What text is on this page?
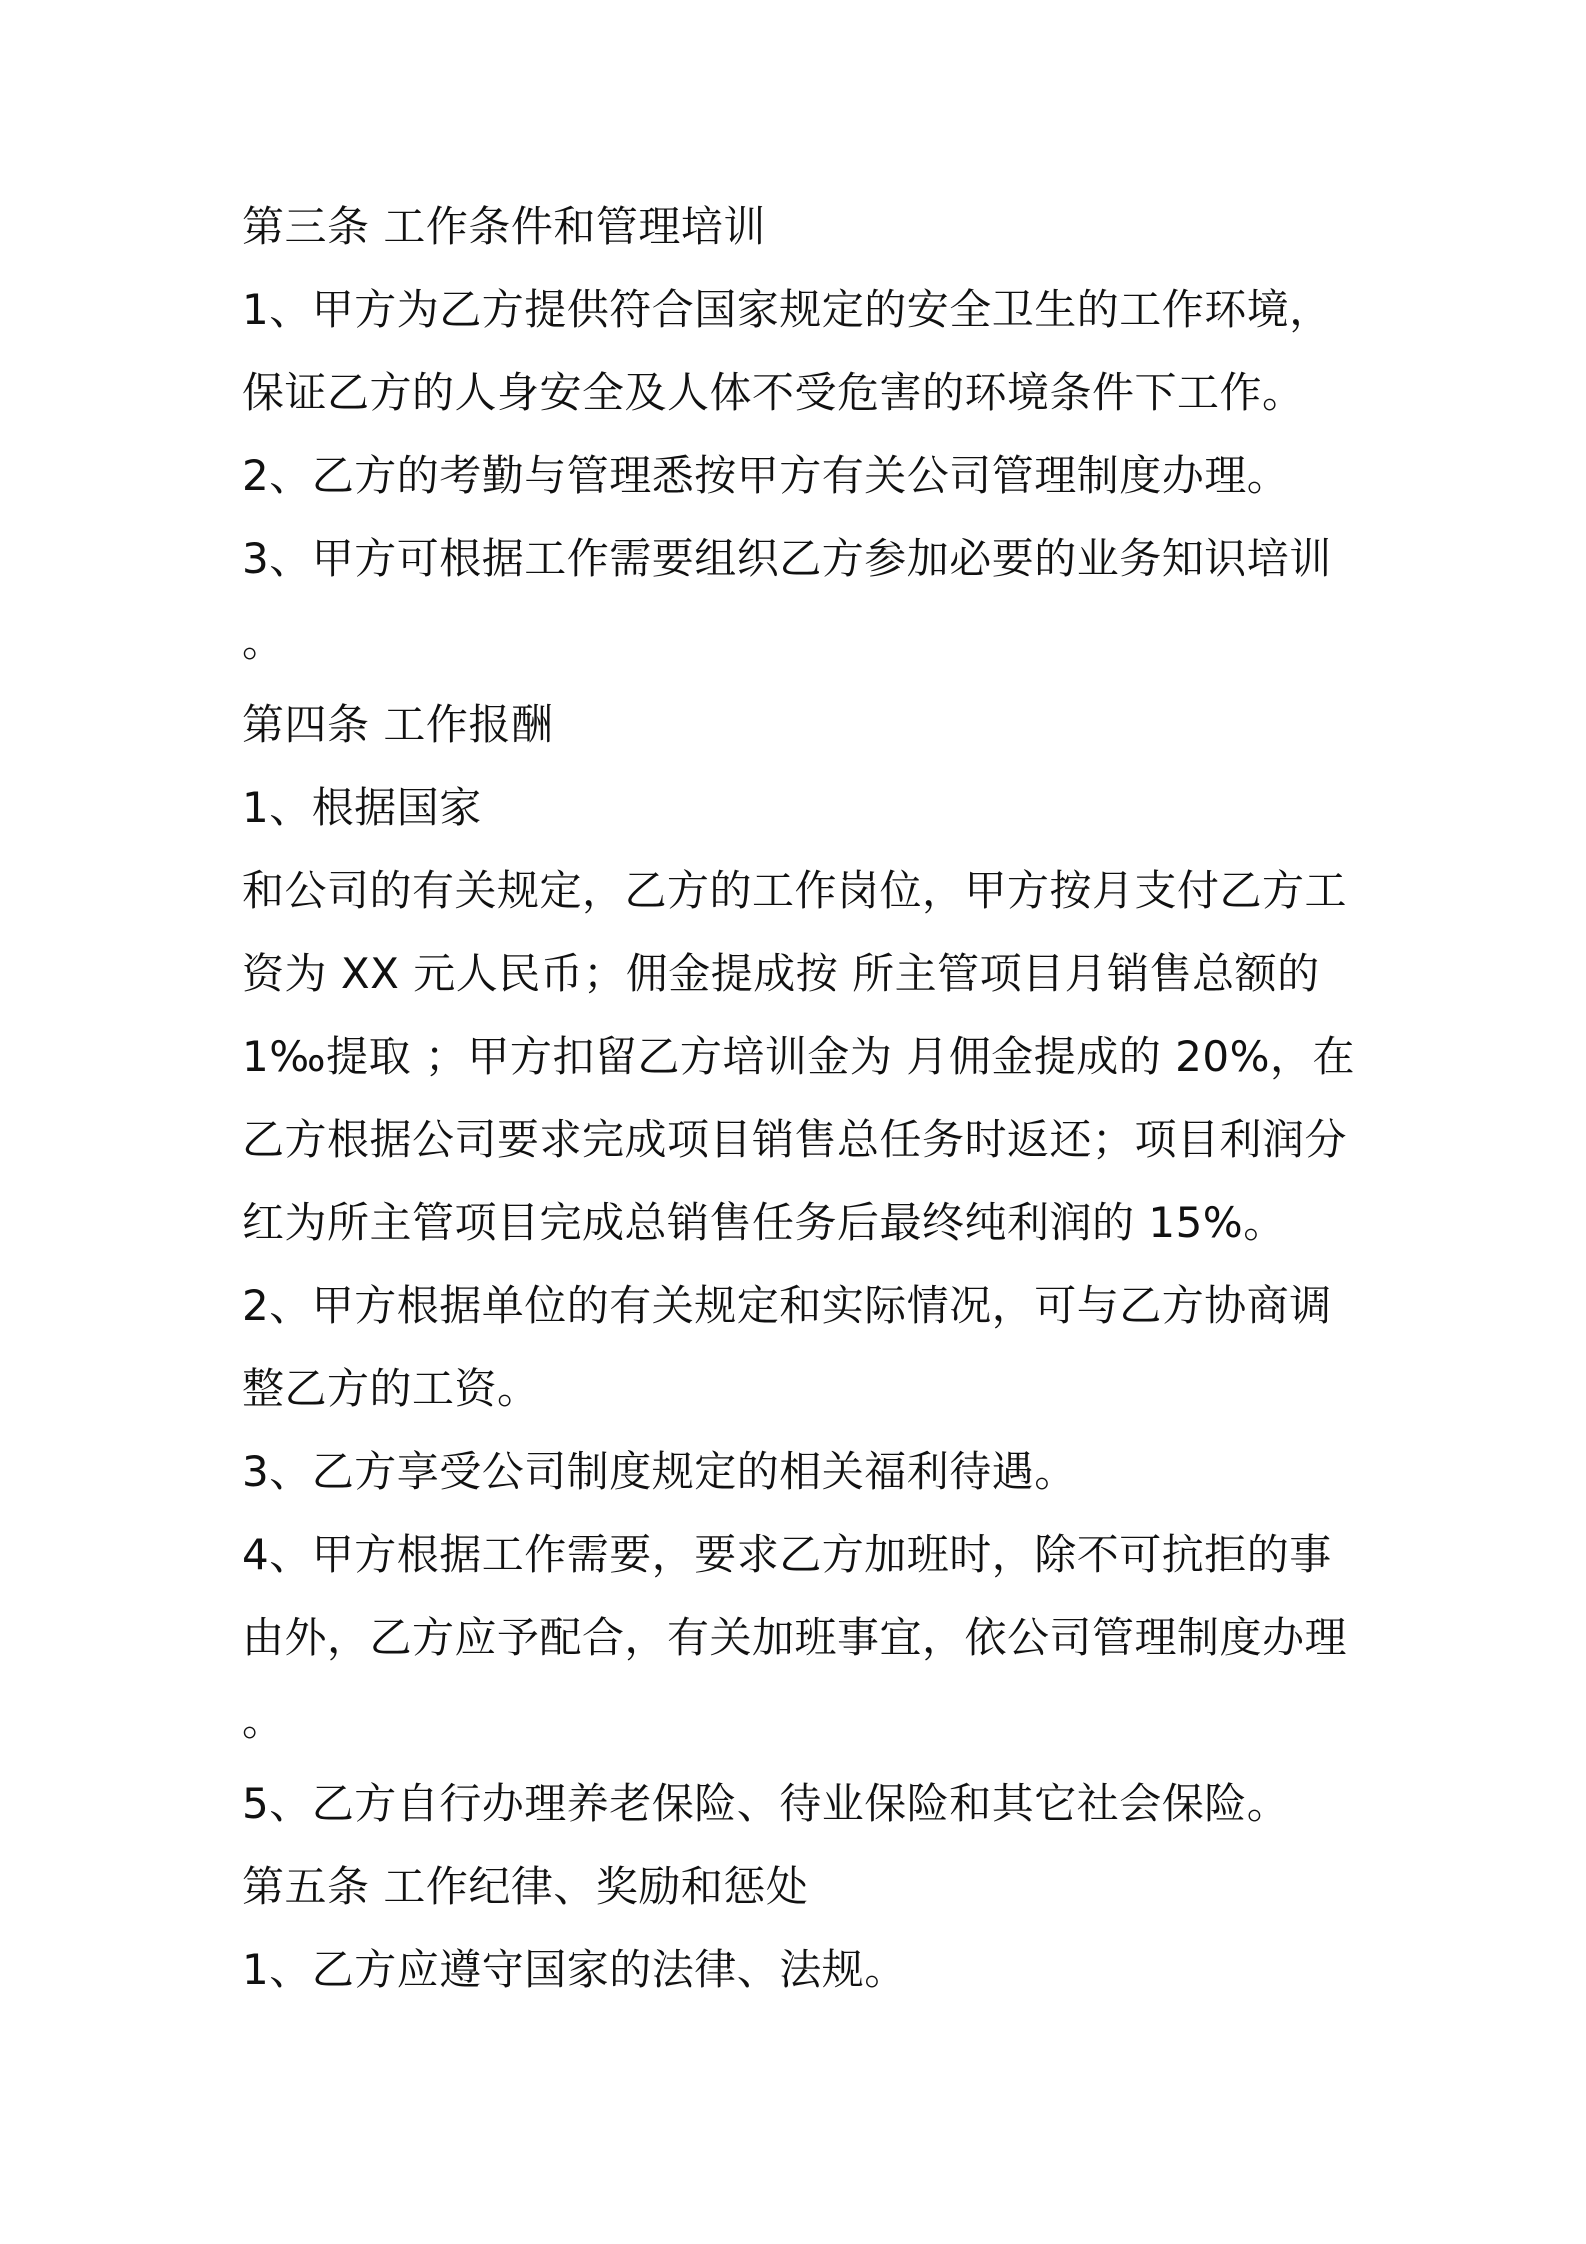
第三条 工作条件和管理培训
1、甲方为乙方提供符合国家规定的安全卫生的工作环境，
保证乙方的人身安全及人体不受危害的环境条件下工作。
2、乙方的考勤与管理悉按甲方有关公司管理制度办理。
3、甲方可根据工作需要组织乙方参加必要的业务知识培训
。
第四条 工作报酬
1、根据国家
和公司的有关规定，乙方的工作岗位，甲方按月支付乙方工
资为 XX 元人民币；佣金提成按 所主管项目月销售总额的
1‰提取 ；甲方扣留乙方培训金为 月佣金提成的 20%，在
乙方根据公司要求完成项目销售总任务时返还；项目利润分
红为所主管项目完成总销售任务后最终纯利润的 15%。
2、甲方根据单位的有关规定和实际情况，可与乙方协商调
整乙方的工资。
3、乙方享受公司制度规定的相关福利待遇。
4、甲方根据工作需要，要求乙方加班时，除不可抗拒的事
由外，乙方应予配合，有关加班事宜，依公司管理制度办理
。
5、乙方自行办理养老保险、待业保险和其它社会保险。
第五条 工作纪律、奖励和惩处
1、乙方应遵守国家的法律、法规。
